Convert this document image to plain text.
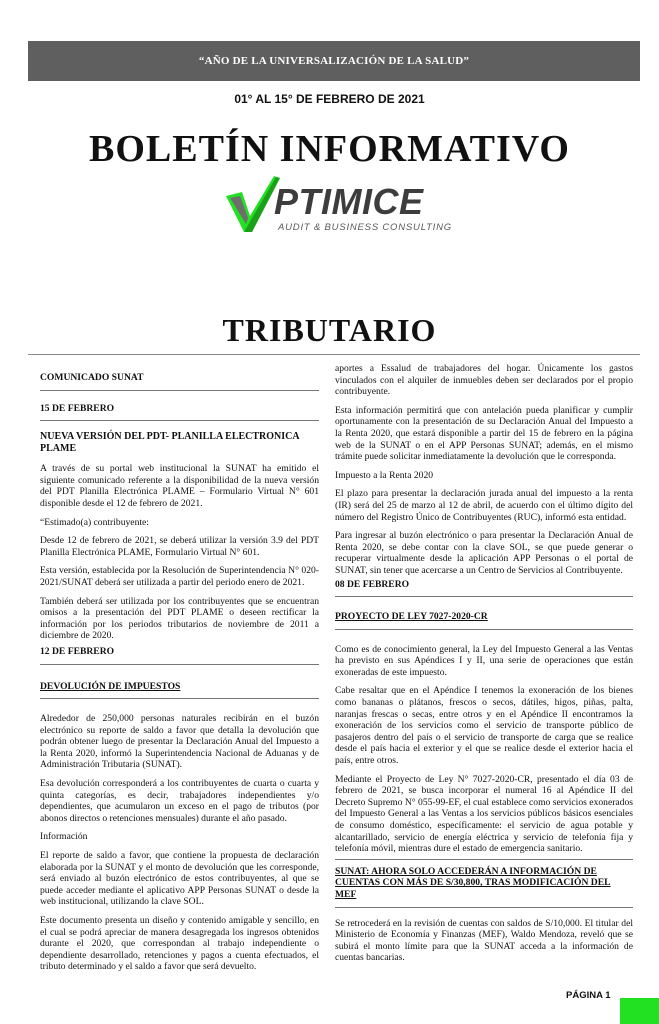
“AÑO DE LA UNIVERSALIZACIÓN DE LA SALUD”
01° AL 15° DE FEBRERO DE 2021
BOLETÍN INFORMATIVO
PTIMICE
AUDIT & BUSINESS CONSULTING
TRIBUTARIO
COMUNICADO SUNAT
15 DE FEBRERO
NUEVA VERSIÓN DEL PDT- PLANILLA ELECTRONICA PLAME

A través de su portal web institucional la SUNAT ha emitido el siguiente comunicado referente a la disponibilidad de la nueva versión del PDT Planilla Electrónica PLAME – Formulario Virtual N° 601 disponible desde el 12 de febrero de 2021.

“Estimado(a) contribuyente:

Desde 12 de febrero de 2021, se deberá utilizar la versión 3.9 del PDT Planilla Electrónica PLAME, Formulario Virtual N° 601.

Esta versión, establecida por la Resolución de Superintendencia N° 020-2021/SUNAT deberá ser utilizada a partir del periodo enero de 2021.

También deberá ser utilizada por los contribuyentes que se encuentran omisos a la presentación del PDT PLAME o deseen rectificar la información por los periodos tributarios de noviembre de 2011 a diciembre de 2020.

12 DE FEBRERO
DEVOLUCIÓN DE IMPUESTOS

Alrededor de 250,000 personas naturales recibirán en el buzón electrónico su reporte de saldo a favor que detalla la devolución que podrán obtener luego de presentar la Declaración Anual del Impuesto a la Renta 2020, informó la Superintendencia Nacional de Aduanas y de Administración Tributaria (SUNAT).

Esa devolución corresponderá a los contribuyentes de cuarta o cuarta y quinta categorías, es decir, trabajadores independientes y/o dependientes, que acumularon un exceso en el pago de tributos (por abonos directos o retenciones mensuales) durante el año pasado.

Información

El reporte de saldo a favor, que contiene la propuesta de declaración elaborada por la SUNAT y el monto de devolución que les corresponde, será enviado al buzón electrónico de estos contribuyentes, al que se puede acceder mediante el aplicativo APP Personas SUNAT o desde la web institucional, utilizando la clave SOL.

Este documento presenta un diseño y contenido amigable y sencillo, en el cual se podrá apreciar de manera desagregada los ingresos obtenidos durante el 2020, que correspondan al trabajo independiente o dependiente desarrollado, retenciones y pagos a cuenta efectuados, el tributo determinado y el saldo a favor que será devuelto.

aportes a Essalud de trabajadores del hogar. Únicamente los gastos vinculados con el alquiler de inmuebles deben ser declarados por el propio contribuyente.

Esta información permitirá que con antelación pueda planificar y cumplir oportunamente con la presentación de su Declaración Anual del Impuesto a la Renta 2020, que estará disponible a partir del 15 de febrero en la página web de la SUNAT o en el APP Personas SUNAT; además, en el mismo trámite puede solicitar inmediatamente la devolución que le corresponda.

Impuesto a la Renta 2020

El plazo para presentar la declaración jurada anual del impuesto a la renta (IR) será del 25 de marzo al 12 de abril, de acuerdo con el último dígito del número del Registro Único de Contribuyentes (RUC), informó esta entidad.

Para ingresar al buzón electrónico o para presentar la Declaración Anual de Renta 2020, se debe contar con la clave SOL, se que puede generar o recuperar virtualmente desde la aplicación APP Personas o el portal de SUNAT, sin tener que acercarse a un Centro de Servicios al Contribuyente.

08 DE FEBRERO
PROYECTO DE LEY 7027-2020-CR

Como es de conocimiento general, la Ley del Impuesto General a las Ventas ha previsto en sus Apéndices I y II, una serie de operaciones que están exoneradas de este impuesto.

Cabe resaltar que en el Apéndice I tenemos la exoneración de los bienes como bananas o plátanos, frescos o secos, dátiles, higos, piñas, palta, naranjas frescas o secas, entre otros y en el Apéndice II encontramos la exoneración de los servicios como el servicio de transporte público de pasajeros dentro del país o el servicio de transporte de carga que se realice desde el país hacia el exterior y el que se realice desde el exterior hacia el país, entre otros.

Mediante el Proyecto de Ley N° 7027-2020-CR, presentado el día 03 de febrero de 2021, se busca incorporar el numeral 16 al Apéndice II del Decreto Supremo N° 055-99-EF, el cual establece como servicios exonerados del Impuesto General a las Ventas a los servicios públicos básicos esenciales de consumo doméstico, específicamente: el servicio de agua potable y alcantarillado, servicio de energía eléctrica y servicio de telefonía fija y telefonía móvil, mientras dure el estado de emergencia sanitario.

SUNAT: AHORA SOLO ACCEDERÁN A INFORMACIÓN DE CUENTAS CON MÁS DE S/30,800, TRAS MODIFICACIÓN DEL MEF

Se retrocederá en la revisión de cuentas con saldos de S/10,000. El titular del Ministerio de Economía y Finanzas (MEF), Waldo Mendoza, reveló que se subirá el monto límite para que la SUNAT acceda a la información de cuentas bancarias.

PÁGINA 1
